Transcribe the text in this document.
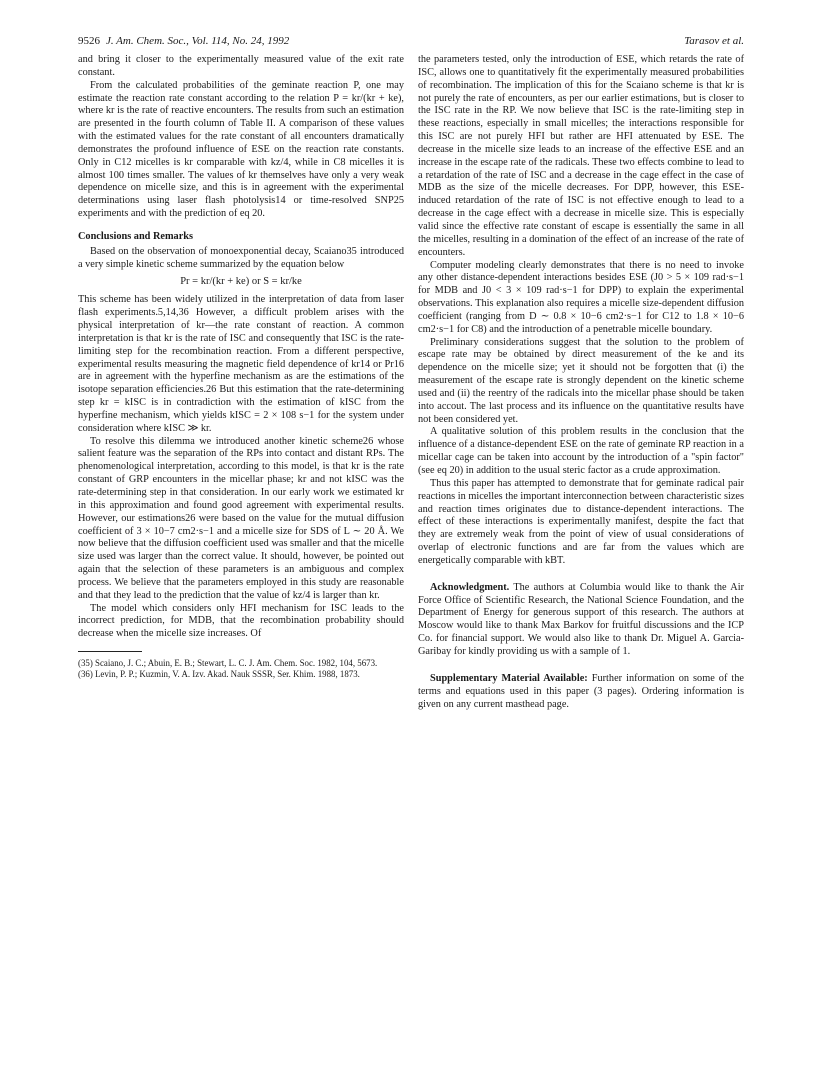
9526 J. Am. Chem. Soc., Vol. 114, No. 24, 1992	Tarasov et al.

and bring it closer to the experimentally measured value of the exit rate constant.

From the calculated probabilities of the geminate reaction P, one may estimate the reaction rate constant according to the relation P = kr/(kr + ke), where kr is the rate of reactive encounters. The results from such an estimation are presented in the fourth column of Table II. A comparison of these values with the estimated values for the rate constant of all encounters dramatically demonstrates the profound influence of ESE on the reaction rate constants. Only in C12 micelles is kr comparable with kz/4, while in C8 micelles it is almost 100 times smaller. The values of kr themselves have only a very weak dependence on micelle size, and this is in agreement with the experimental determinations using laser flash photolysis14 or time-resolved SNP25 experiments and with the prediction of eq 20.

Conclusions and Remarks

Based on the observation of monoexponential decay, Scaiano35 introduced a very simple kinetic scheme summarized by the equation below

Pr = kr/(kr + ke) or S = kr/ke

This scheme has been widely utilized in the interpretation of data from laser flash experiments.5,14,36 However, a difficult problem arises with the physical interpretation of kr—the rate constant of reaction. A common interpretation is that kr is the rate of ISC and consequently that ISC is the rate-limiting step for the recombination reaction. From a different perspective, experimental results measuring the magnetic field dependence of kr14 or Pr16 are in agreement with the hyperfine mechanism as are the estimations of the isotope separation efficiencies.26 But this estimation that the rate-determining step kr = kISC is in contradiction with the estimation of kISC from the hyperfine mechanism, which yields kISC = 2 × 108 s−1 for the system under consideration where kISC ≫ kr.

To resolve this dilemma we introduced another kinetic scheme26 whose salient feature was the separation of the RPs into contact and distant RPs. The phenomenological interpretation, according to this model, is that kr is the rate constant of GRP encounters in the micellar phase; kr and not kISC was the rate-determining step in that consideration. In our early work we estimated kr in this approximation and found good agreement with experimental results. However, our estimations26 were based on the value for the mutual diffusion coefficient of 3 × 10−7 cm2·s−1 and a micelle size for SDS of L ∼ 20 Å. We now believe that the diffusion coefficient used was smaller and that the micelle size used was larger than the correct value. It should, however, be pointed out again that the selection of these parameters is an ambiguous and complex process. We believe that the parameters employed in this study are reasonable and that they lead to the prediction that the value of kz/4 is larger than kr.

The model which considers only HFI mechanism for ISC leads to the incorrect prediction, for MDB, that the recombination probability should decrease when the micelle size increases. Of

(35) Scaiano, J. C.; Abuin, E. B.; Stewart, L. C. J. Am. Chem. Soc. 1982, 104, 5673.

(36) Levin, P. P.; Kuzmin, V. A. Izv. Akad. Nauk SSSR, Ser. Khim. 1988, 1873.

the parameters tested, only the introduction of ESE, which retards the rate of ISC, allows one to quantitatively fit the experimentally measured probabilities of recombination. The implication of this for the Scaiano scheme is that kr is not purely the rate of encounters, as per our earlier estimations, but is closer to the ISC rate in the RP. We now believe that ISC is the rate-limiting step in these reactions, especially in small micelles; the interactions responsible for this ISC are not purely HFI but rather are HFI attenuated by ESE. The decrease in the micelle size leads to an increase of the effective ESE and an increase in the escape rate of the radicals. These two effects combine to lead to a retardation of the rate of ISC and a decrease in the cage effect in the case of MDB as the size of the micelle decreases. For DPP, however, this ESE-induced retardation of the rate of ISC is not effective enough to lead to a decrease in the cage effect with a decrease in micelle size. This is especially valid since the effective rate constant of escape is essentially the same in all the micelles, resulting in a domination of the effect of an increase of the rate of encounters.

Computer modeling clearly demonstrates that there is no need to invoke any other distance-dependent interactions besides ESE (J0 > 5 × 109 rad·s−1 for MDB and J0 < 3 × 109 rad·s−1 for DPP) to explain the experimental observations. This explanation also requires a micelle size-dependent diffusion coefficient (ranging from D ∼ 0.8 × 10−6 cm2·s−1 for C12 to 1.8 × 10−6 cm2·s−1 for C8) and the introduction of a penetrable micelle boundary.

Preliminary considerations suggest that the solution to the problem of escape rate may be obtained by direct measurement of the ke and its dependence on the micelle size; yet it should not be forgotten that (i) the measurement of the escape rate is strongly dependent on the kinetic scheme used and (ii) the reentry of the radicals into the micellar phase should be taken into accout. The last process and its influence on the quantitative results have not been considered yet.

A qualitative solution of this problem results in the conclusion that the influence of a distance-dependent ESE on the rate of geminate RP reaction in a micellar cage can be taken into account by the introduction of a "spin factor" (see eq 20) in addition to the usual steric factor as a crude approximation.

Thus this paper has attempted to demonstrate that for geminate radical pair reactions in micelles the important interconnection between characteristic sizes and reaction times originates due to distance-dependent interactions. The effect of these interactions is experimentally manifest, despite the fact that they are extremely weak from the point of view of usual considerations of overlap of electronic functions and are far from the values which are energetically comparable with kBT.

Acknowledgment. The authors at Columbia would like to thank the Air Force Office of Scientific Research, the National Science Foundation, and the Department of Energy for generous support of this research. The authors at Moscow would like to thank Max Barkov for fruitful discussions and the ICP Co. for financial support. We would also like to thank Dr. Miguel A. Garcia-Garibay for kindly providing us with a sample of 1.

Supplementary Material Available: Further information on some of the terms and equations used in this paper (3 pages). Ordering information is given on any current masthead page.
